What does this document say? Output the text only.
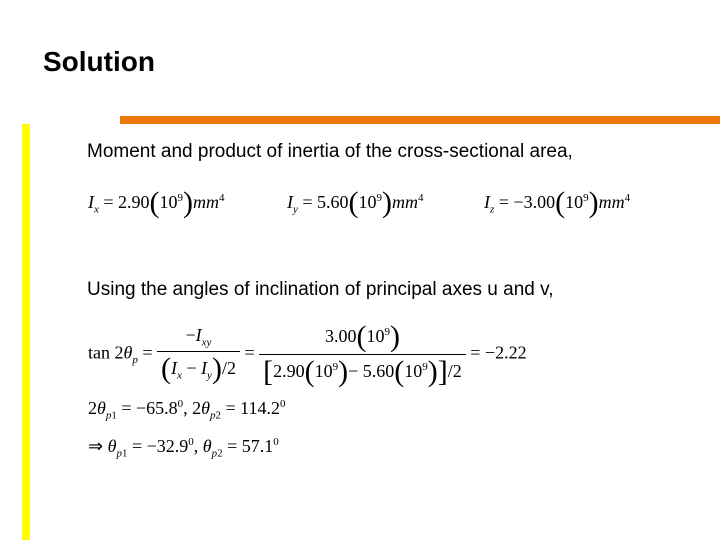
Solution
Moment and product of inertia of the cross-sectional area,
$I_x = 2.90(10^9)mm^4$	$I_y = 5.60(10^9)mm^4$	$I_z = -3.00(10^9)mm^4$
Using the angles of inclination of principal axes u and v,
$\tan 2\theta_p = \frac{-I_{xy}}{(I_x - I_y)/2} = \frac{3.00(10^9)}{[2.90(10^9)- 5.60(10^9)]/2} = -2.22$
$2\theta_{p1} = -65.8^0$, $2\theta_{p2} = 114.2^0$
⇒ $\theta_{p1} = -32.9^0$, $\theta_{p2} = 57.1^0$
